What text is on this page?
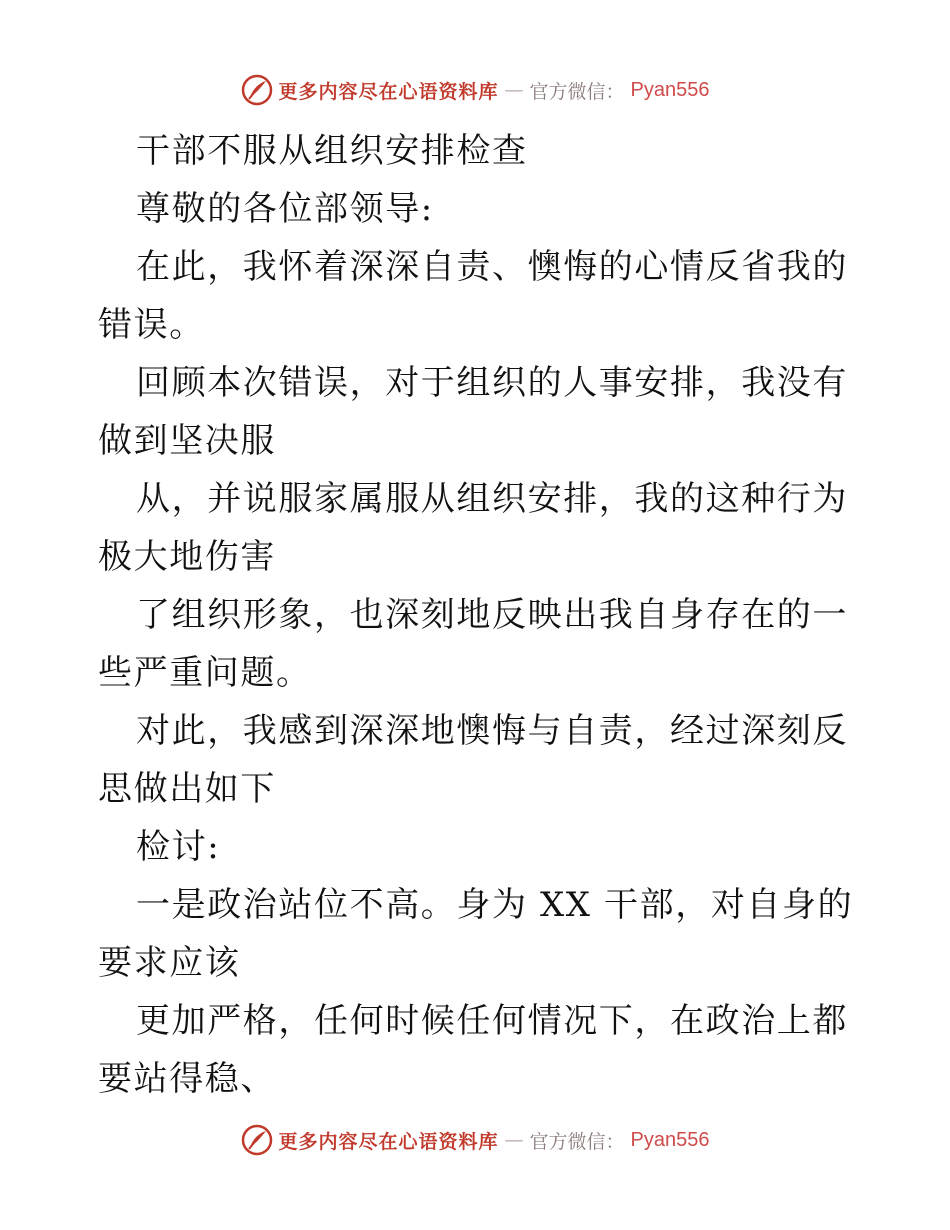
更多内容尽在心语资料库 — 官方微信： Pyan556

干部不服从组织安排检查

尊敬的各位部领导:

在此，我怀着深深自责、懊悔的心情反省我的错误。

回顾本次错误，对于组织的人事安排，我没有做到坚决服

从，并说服家属服从组织安排，我的这种行为极大地伤害

了组织形象，也深刻地反映出我自身存在的一些严重问题。

对此，我感到深深地懊悔与自责，经过深刻反思做出如下

检讨:

一是政治站位不高。身为 XX 干部，对自身的要求应该

更加严格，任何时候任何情况下，在政治上都要站得稳、

更多内容尽在心语资料库 — 官方微信： Pyan556
